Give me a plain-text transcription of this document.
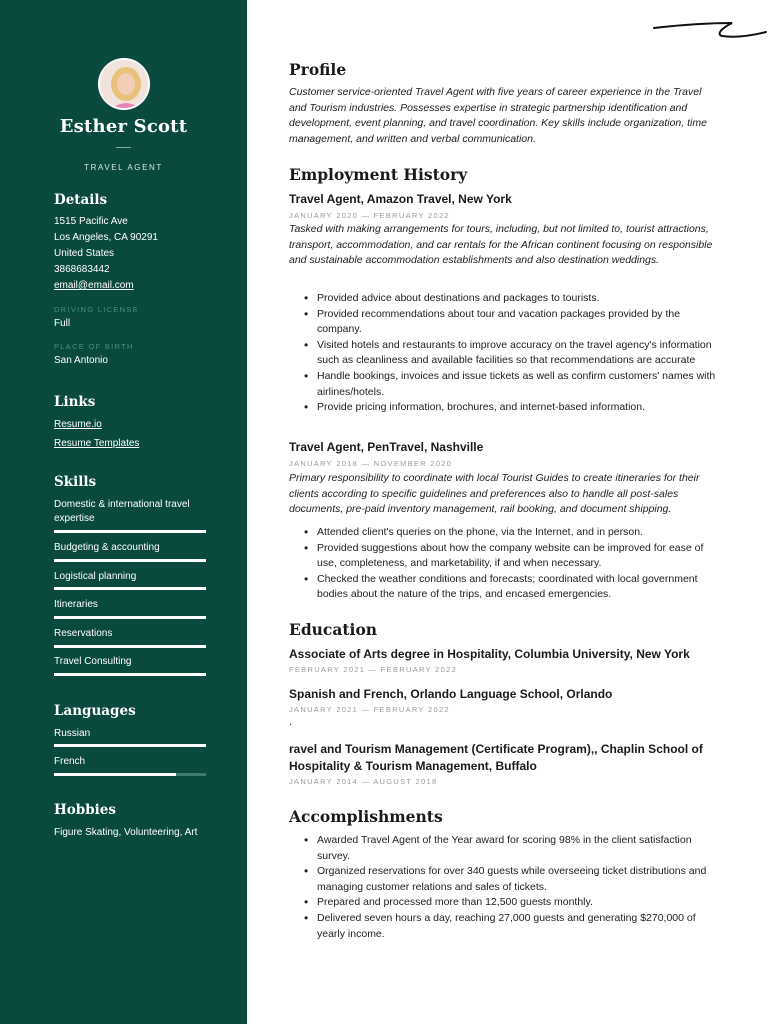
Esther Scott
TRAVEL AGENT
Details
1515 Pacific Ave
Los Angeles, CA 90291
United States
3868683442
email@email.com
DRIVING LICENSE
Full
PLACE OF BIRTH
San Antonio
Links
Resume.io
Resume Templates
Skills
Domestic & international travel expertise
Budgeting & accounting
Logistical planning
Itineraries
Reservations
Travel Consulting
Languages
Russian
French
Hobbies
Figure Skating, Volunteering, Art
Profile
Customer service-oriented Travel Agent with five years of career experience in the Travel and Tourism industries. Possesses expertise in strategic partnership identification and development, event planning, and travel coordination. Key skills include organization, time management, and written and verbal communication.
Employment History
Travel Agent, Amazon Travel, New York
JANUARY 2020 — FEBRUARY 2022
Tasked with making arrangements for tours, including, but not limited to, tourist attractions, transport, accommodation, and car rentals for the African continent focusing on responsible and sustainable accommodation establishments and also destination weddings.
• Provided advice about destinations and packages to tourists.
• Provided recommendations about tour and vacation packages provided by the company.
• Visited hotels and restaurants to improve accuracy on the travel agency's information such as cleanliness and available facilities so that recommendations are accurate
• Handle bookings, invoices and issue tickets as well as confirm customers' names with airlines/hotels.
• Provide pricing information, brochures, and internet-based information.
Travel Agent, PenTravel, Nashville
JANUARY 2018 — NOVEMBER 2020
Primary responsibility to coordinate with local Tourist Guides to create itineraries for their clients according to specific guidelines and preferences also to handle all post-sales documents, pre-paid inventory management, rail booking, and document shipping.
• Attended client's queries on the phone, via the Internet, and in person.
• Provided suggestions about how the company website can be improved for ease of use, completeness, and marketability, if and when necessary.
• Checked the weather conditions and forecasts; coordinated with local government bodies about the nature of the trips, and encased emergencies.
Education
Associate of Arts degree in Hospitality, Columbia University, New York
FEBRUARY 2021 — FEBRUARY 2022
Spanish and French, Orlando Language School, Orlando
JANUARY 2021 — FEBRUARY 2022
.
ravel and Tourism Management (Certificate Program),, Chaplin School of Hospitality & Tourism Management, Buffalo
JANUARY 2014 — AUGUST 2018
Accomplishments
• Awarded Travel Agent of the Year award for scoring 98% in the client satisfaction survey.
• Organized reservations for over 340 guests while overseeing ticket distributions and managing customer relations and sales of tickets.
• Prepared and processed more than 12,500 guests monthly.
• Delivered seven hours a day, reaching 27,000 guests and generating $270,000 of yearly income.
